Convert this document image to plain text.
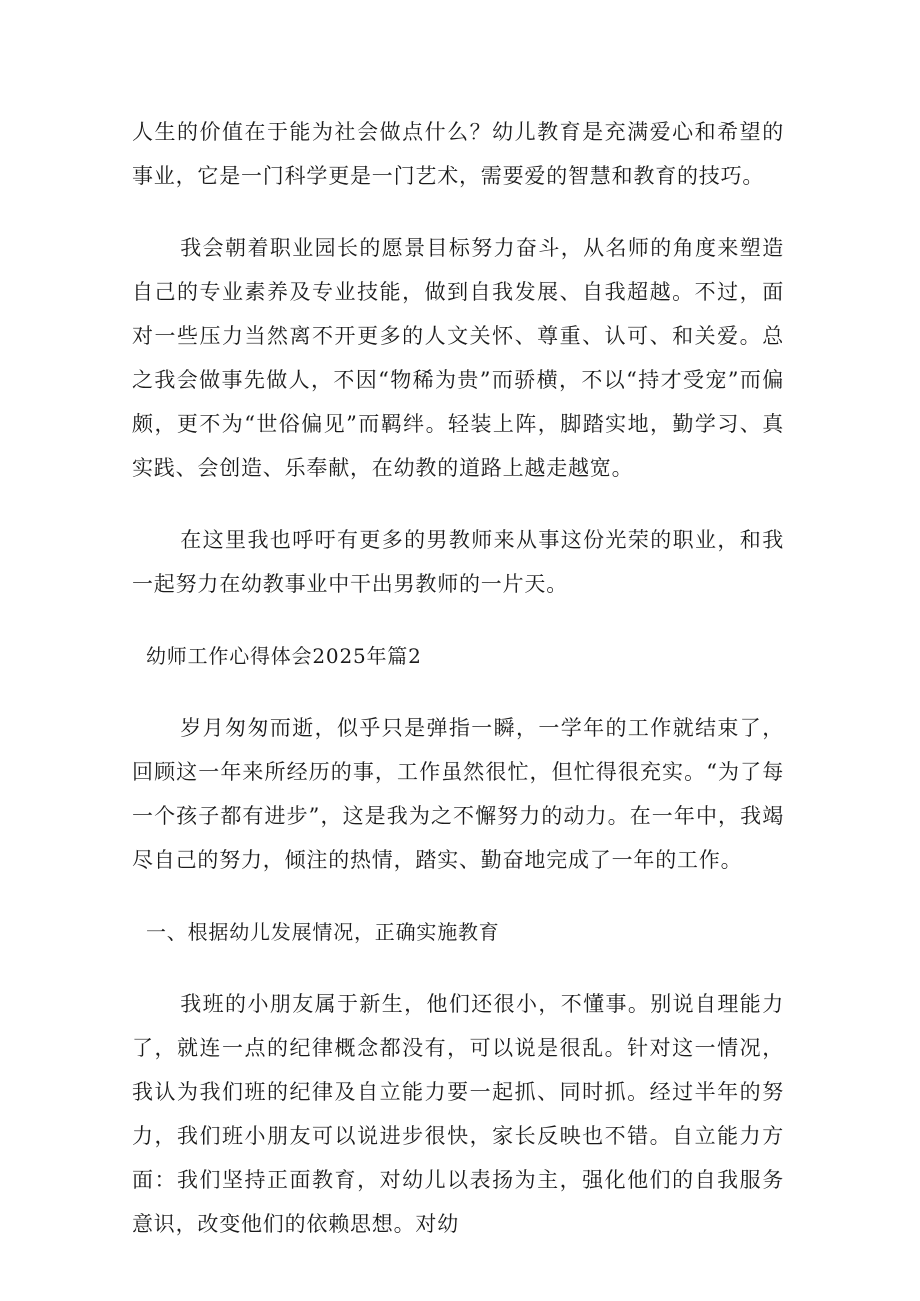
人生的价值在于能为社会做点什么？幼儿教育是充满爱心和希望的事业，它是一门科学更是一门艺术，需要爱的智慧和教育的技巧。

我会朝着职业园长的愿景目标努力奋斗，从名师的角度来塑造自己的专业素养及专业技能，做到自我发展、自我超越。不过，面对一些压力当然离不开更多的人文关怀、尊重、认可、和关爱。总之我会做事先做人，不因“物稀为贵”而骄横，不以“持才受宠”而偏颇，更不为“世俗偏见”而羁绊。轻装上阵，脚踏实地，勤学习、真实践、会创造、乐奉献，在幼教的道路上越走越宽。

在这里我也呼吁有更多的男教师来从事这份光荣的职业，和我一起努力在幼教事业中干出男教师的一片天。

幼师工作心得体会2025年篇2

岁月匆匆而逝，似乎只是弹指一瞬，一学年的工作就结束了，回顾这一年来所经历的事，工作虽然很忙，但忙得很充实。“为了每一个孩子都有进步”，这是我为之不懈努力的动力。在一年中，我竭尽自己的努力，倾注的热情，踏实、勤奋地完成了一年的工作。

一、根据幼儿发展情况，正确实施教育

我班的小朋友属于新生，他们还很小，不懂事。别说自理能力了，就连一点的纪律概念都没有，可以说是很乱。针对这一情况，我认为我们班的纪律及自立能力要一起抓、同时抓。经过半年的努力，我们班小朋友可以说进步很快，家长反映也不错。自立能力方面：我们坚持正面教育，对幼儿以表扬为主，强化他们的自我服务意识，改变他们的依赖思想。对幼
